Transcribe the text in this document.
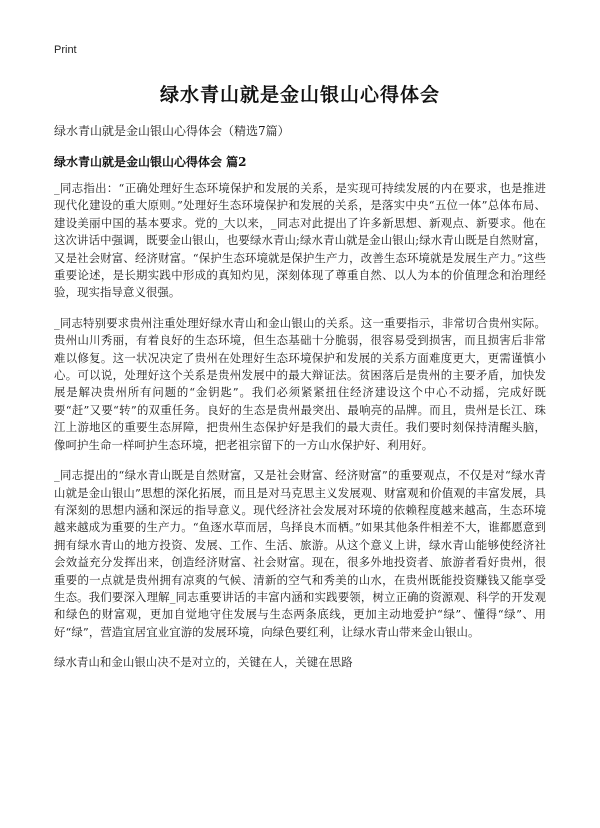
Print
绿水青山就是金山银山心得体会
绿水青山就是金山银山心得体会（精选7篇）
绿水青山就是金山银山心得体会 篇2

_同志指出：“正确处理好生态环境保护和发展的关系，是实现可持续发展的内在要求，也是推进现代化建设的重大原则。”处理好生态环境保护和发展的关系，是落实中央“五位一体”总体布局、建设美丽中国的基本要求。党的_大以来，_同志对此提出了许多新思想、新观点、新要求。他在这次讲话中强调，既要金山银山，也要绿水青山;绿水青山就是金山银山;绿水青山既是自然财富，又是社会财富、经济财富。“保护生态环境就是保护生产力，改善生态环境就是发展生产力。”这些重要论述，是长期实践中形成的真知灼见，深刻体现了尊重自然、以人为本的价值理念和治理经验，现实指导意义很强。

_同志特别要求贵州注重处理好绿水青山和金山银山的关系。这一重要指示，非常切合贵州实际。贵州山川秀丽，有着良好的生态环境，但生态基础十分脆弱，很容易受到损害，而且损害后非常难以修复。这一状况决定了贵州在处理好生态环境保护和发展的关系方面难度更大，更需谨慎小心。可以说，处理好这个关系是贵州发展中的最大辩证法。贫困落后是贵州的主要矛盾，加快发展是解决贵州所有问题的“金钥匙”。我们必须紧紧扭住经济建设这个中心不动摇，完成好既要“赶”又要“转”的双重任务。良好的生态是贵州最突出、最响亮的品牌。而且，贵州是长江、珠江上游地区的重要生态屏障，把贵州生态保护好是我们的最大责任。我们要时刻保持清醒头脑，像呵护生命一样呵护生态环境，把老祖宗留下的一方山水保护好、利用好。

_同志提出的“绿水青山既是自然财富，又是社会财富、经济财富”的重要观点，不仅是对“绿水青山就是金山银山”思想的深化拓展，而且是对马克思主义发展观、财富观和价值观的丰富发展，具有深刻的思想内涵和深远的指导意义。现代经济社会发展对环境的依赖程度越来越高，生态环境越来越成为重要的生产力。“鱼逐水草而居，鸟择良木而栖。”如果其他条件相差不大，谁都愿意到拥有绿水青山的地方投资、发展、工作、生活、旅游。从这个意义上讲，绿水青山能够使经济社会效益充分发挥出来，创造经济财富、社会财富。现在，很多外地投资者、旅游者看好贵州，很重要的一点就是贵州拥有凉爽的气候、清新的空气和秀美的山水，在贵州既能投资赚钱又能享受生态。我们要深入理解_同志重要讲话的丰富内涵和实践要领，树立正确的资源观、科学的开发观和绿色的财富观，更加自觉地守住发展与生态两条底线，更加主动地爱护“绿”、懂得“绿”、用好“绿”，营造宜居宜业宜游的发展环境，向绿色要红利，让绿水青山带来金山银山。

绿水青山和金山银山决不是对立的，关键在人，关键在思路
